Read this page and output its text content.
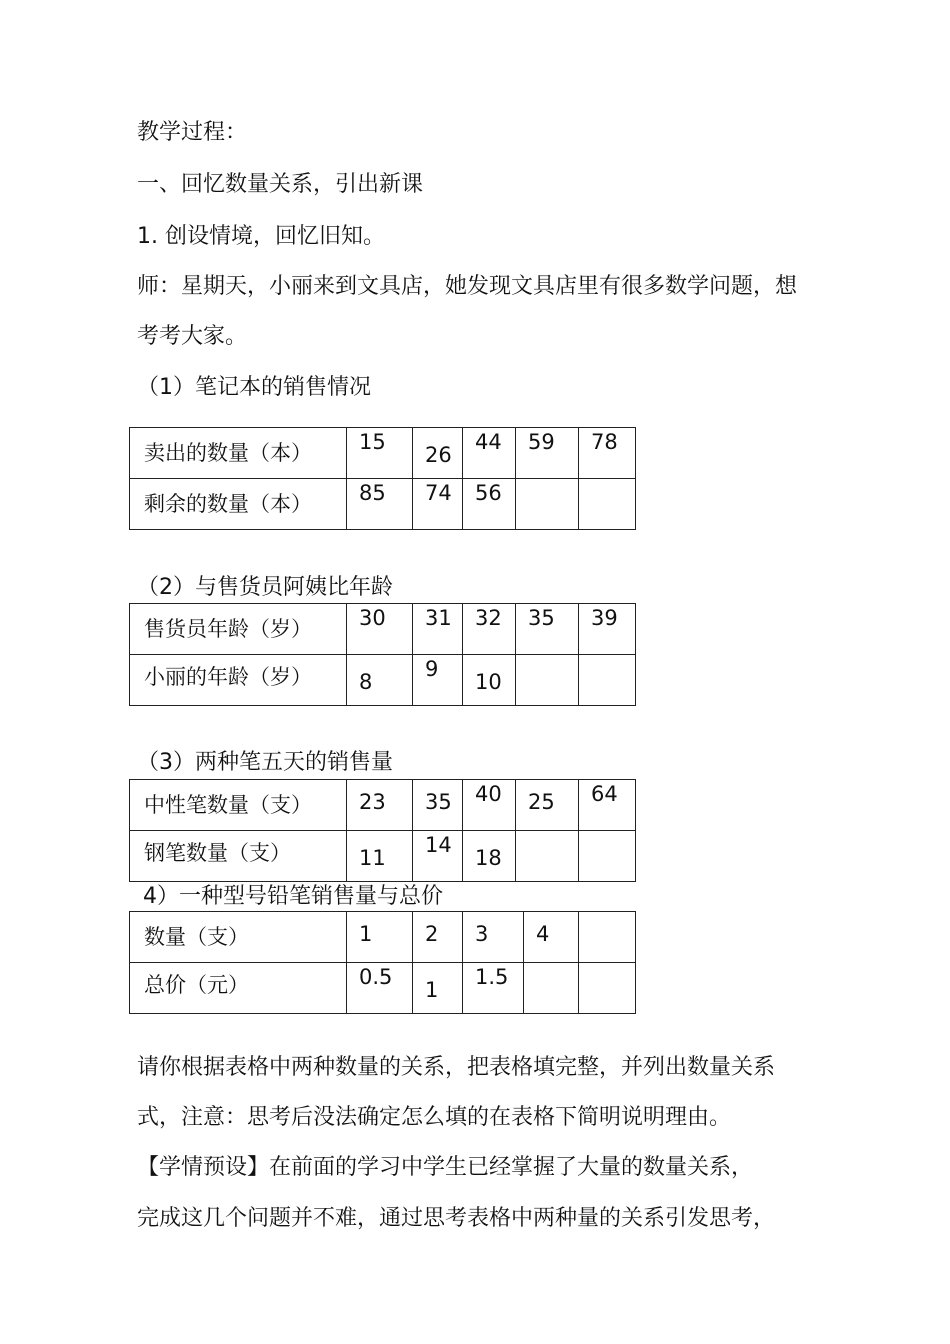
教学过程：
一、回忆数量关系，引出新课
1. 创设情境，回忆旧知。
师：星期天，小丽来到文具店，她发现文具店里有很多数学问题，想
考考大家。
（1）笔记本的销售情况
卖出的数量（本）	15	26	44	59	78

剩余的数量（本）	85	74	56		

（2）与售货员阿姨比年龄
售货员年龄（岁）	30	31	32	35	39

小丽的年龄（岁）	8	9	10		

（3）两种笔五天的销售量
中性笔数量（支）	23	35	40	25	64

钢笔数量（支）	11	14	18		

4）一种型号铅笔销售量与总价
数量（支）	1	2	3	4	

总价（元）	0.5	1	1.5		

请你根据表格中两种数量的关系，把表格填完整，并列出数量关系
式，注意：思考后没法确定怎么填的在表格下简明说明理由。
【学情预设】在前面的学习中学生已经掌握了大量的数量关系，
完成这几个问题并不难，通过思考表格中两种量的关系引发思考，
